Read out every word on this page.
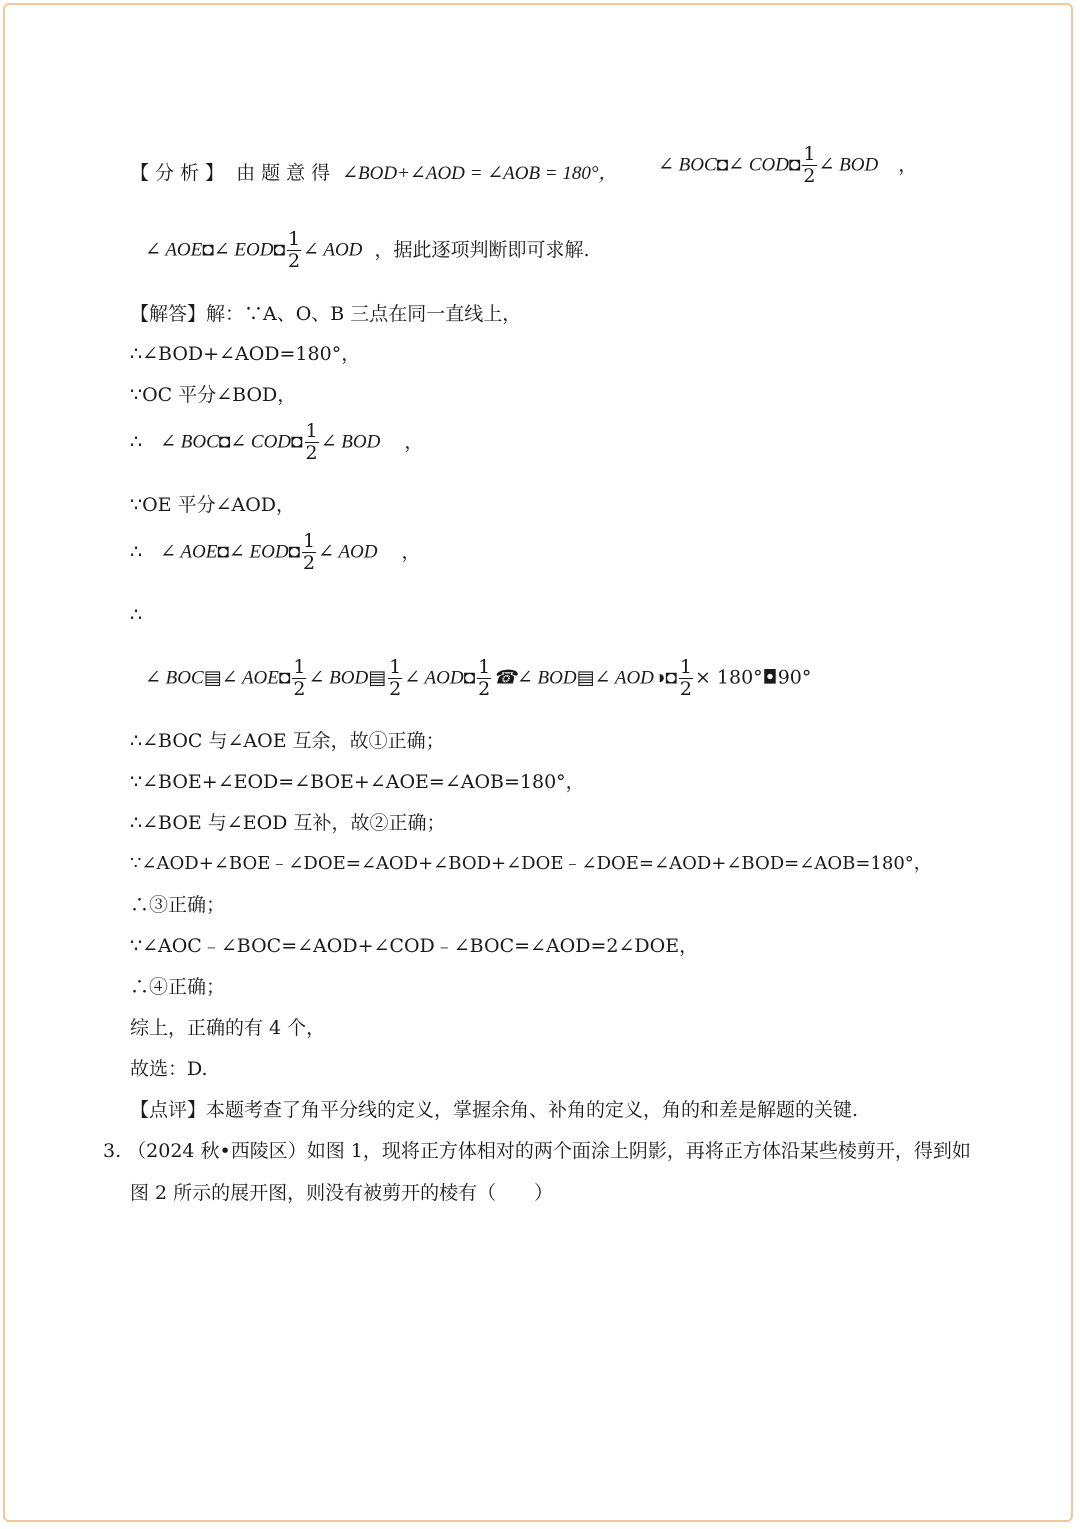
【分析】 由题意得 ∠BOD+∠AOD = ∠AOB = 180°， ∠ BOC◘∠ COD◘ $\frac{1}{2}$ ∠ BOD ，
∠ AOE◘∠ EOD◘ $\frac{1}{2}$ ∠ AOD ，据此逐项判断即可求解.
【解答】解：∵A、O、B 三点在同一直线上，
∴∠BOD+∠AOD=180°，
∵OC 平分∠BOD，
∴ ∠ BOC◘∠ COD◘ $\frac{1}{2}$ ∠ BOD ，
∵OE 平分∠AOD，
∴ ∠ AOE◘∠ EOD◘ $\frac{1}{2}$ ∠ AOD ，
∴
∠ BOC▤∠ AOE◘ $\frac{1}{2}$ ∠ BOD▤ $\frac{1}{2}$ ∠ AOD◘ $\frac{1}{2}$ ☎∠ BOD▤∠ AOD◑◘ $\frac{1}{2}$ × 180°◘90°
∴∠BOC 与∠AOE 互余，故①正确；
∵∠BOE+∠EOD=∠BOE+∠AOE=∠AOB=180°，
∴∠BOE 与∠EOD 互补，故②正确；
∵∠AOD+∠BOE﹣∠DOE=∠AOD+∠BOD+∠DOE﹣∠DOE=∠AOD+∠BOD=∠AOB=180°，
∴③正确；
∵∠AOC﹣∠BOC=∠AOD+∠COD﹣∠BOC=∠AOD=2∠DOE，
∴④正确；
综上，正确的有 4 个，
故选：D.
【点评】本题考查了角平分线的定义，掌握余角、补角的定义，角的和差是解题的关键.
3. （2024 秋•西陵区）如图 1，现将正方体相对的两个面涂上阴影，再将正方体沿某些棱剪开，得到如
图 2 所示的展开图，则没有被剪开的棱有（　　）
